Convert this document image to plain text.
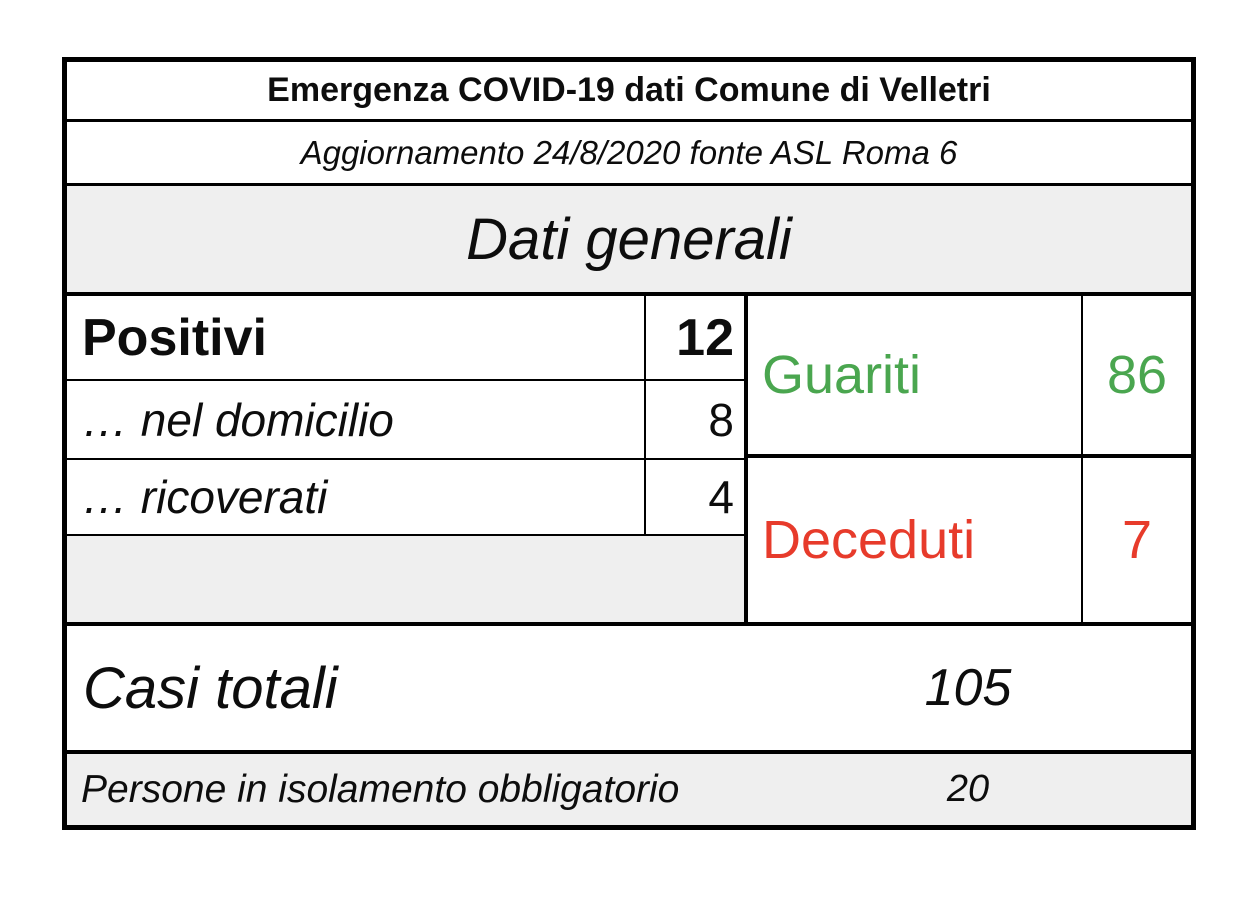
Emergenza COVID-19 dati Comune di Velletri
Aggiornamento 24/8/2020 fonte ASL Roma 6
Dati generali
Positivi	12
… nel domicilio	8
… ricoverati	4
Guariti	86
Deceduti	7
Casi totali	105
Persone in isolamento obbligatorio	20
